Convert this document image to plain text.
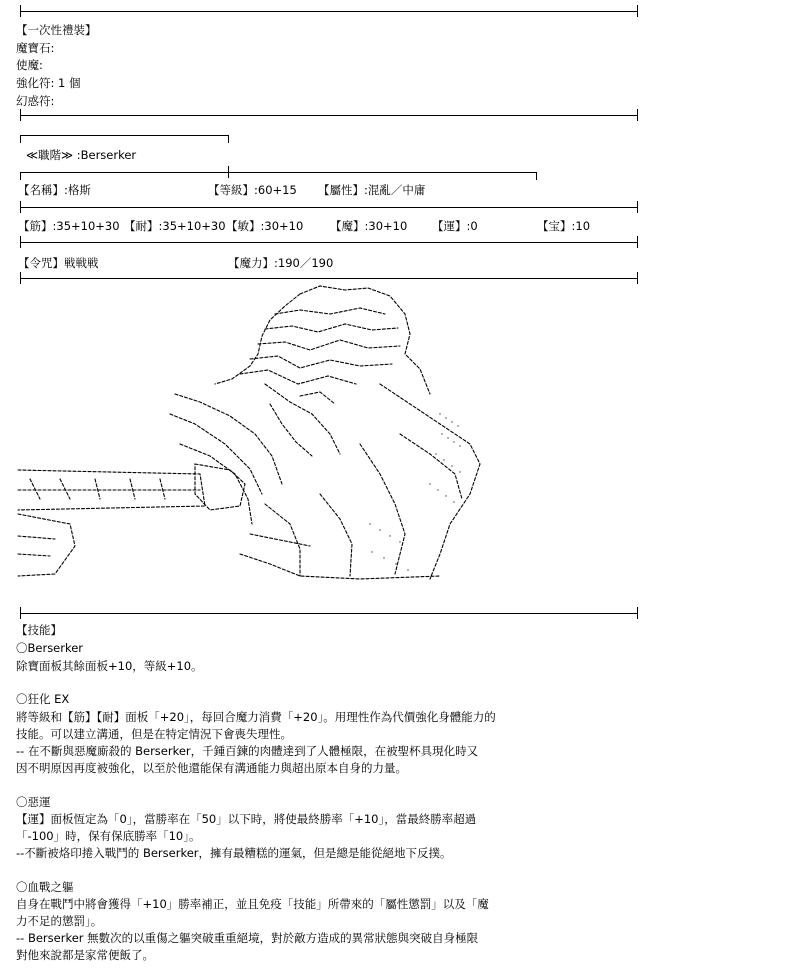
【一次性禮裝】
魔寶石:
使魔:
強化符: 1 個
幻惑符:
≪職階≫ :Berserker
【名稱】:格斯	【等級】:60+15 【屬性】:混亂／中庸
【筋】:35+10+30 【耐】:35+10+30 【敏】:30+10 【魔】:30+10 【運】:0	【宝】:10
【令咒】戦戦戦	【魔力】:190／190
【技能】
〇Berserker
除寶面板其餘面板+10，等級+10。
〇狂化 EX
將等級和【筋】【耐】面板「+20」，每回合魔力消費「+20」。用理性作為代價強化身體能力的
技能。可以建立溝通，但是在特定情況下會喪失理性。
-- 在不斷與惡魔廝殺的 Berserker，千鍾百鍊的肉體達到了人體極限，在被聖杯具現化時又
因不明原因再度被強化，以至於他還能保有溝通能力與超出原本自身的力量。
〇惡運
【運】面板恆定為「0」，當勝率在「50」以下時，將使最終勝率「+10」，當最終勝率超過
「-100」時，保有保底勝率「10」。
--不斷被烙印捲入戰鬥的 Berserker，擁有最糟糕的運氣，但是總是能從絕地下反撲。
〇血戰之軀
自身在戰鬥中將會獲得「+10」勝率補正，並且免疫「技能」所帶來的「屬性懲罰」以及「魔
力不足的懲罰」。
-- Berserker 無數次的以重傷之軀突破重重絕境，對於敵方造成的異常狀態與突破自身極限
對他來說都是家常便飯了。
